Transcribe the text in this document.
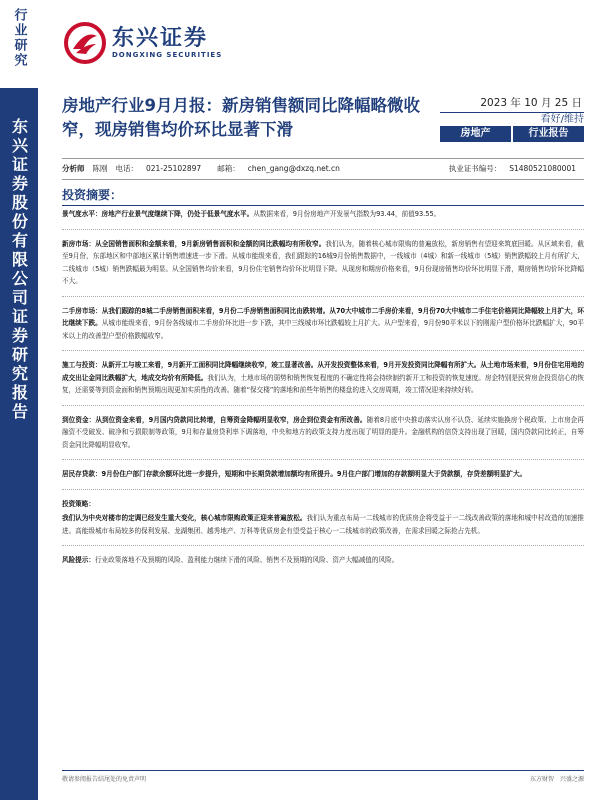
行业研究
东兴证券股份有限公司证券研究报告
东兴证券
DONGXING SECURITIES
房地产行业9月月报：新房销售额同比降幅略微收窄，现房销售均价环比显著下滑
2023 年 10 月 25 日
看好/维持
房地产	行业报告
分析师 陈刚 电话： 021-25102897	邮箱： chen_gang@dxzq.net.cn	执业证书编号： S1480521080001
投资摘要：

景气度水平：房地产行业景气度继续下降，仍处于低景气度水平。从数据来看，9月份房地产开发景气指数为93.44，前值93.55。

新房市场：从全国销售面积和金额来看，9月新房销售面积和金额的同比跌幅均有所收窄。我们认为，随着核心城市限购的普遍放松，新房销售有望迎来筑底回暖。从区域来看，截至9月份，东部地区和中部地区累计销售增速进一步下滑。从城市能级来看，我们跟踪的16城9月份销售数据中，一线城市（4城）和新一线城市（5城）销售跌幅较上月有所扩大，二线城市（5城）销售跌幅最为明显。从全国销售均价来看，9月份住宅销售均价环比明显下降。从现房和期房价格来看，9月份现房销售均价环比明显下滑，期房销售均价环比降幅不大。

二手房市场：从我们跟踪的8城二手房销售面积来看，9月份二手房销售面积同比由跌转增。从70大中城市二手房价来看，9月份70大中城市二手住宅价格同比降幅较上月扩大，环比继续下跌。从城市能级来看，9月份各线城市二手房价环比进一步下跌，其中三线城市环比跌幅较上月扩大。从户型来看，9月份90平米以下的刚需户型价格环比跌幅扩大，90平米以上的改善型户型价格跌幅收窄。

施工与投资：从新开工与竣工来看，9月新开工面积同比降幅继续收窄，竣工显著改善。从开发投资整体来看，9月开发投资同比降幅有所扩大。从土地市场来看，9月份住宅用地的成交出让金同比跌幅扩大，地成交均价有所降低。我们认为，土地市场的弱势和销售恢复程度的不确定性将会持续制约新开工和投资的恢复速度。房企特别是民营房企投资信心的恢复，还需要等到资金面和销售预期出现更加实质性的改善。随着“保交楼”的落地和前些年销售的楼盘的进入交房周期，竣工情况迎来持续好转。

到位资金：从到位资金来看，9月国内贷款同比转增，自筹资金降幅明显收窄，房企到位资金有所改善。随着8月底中央推动落实认房不认贷、延续实施换房个税政策、上市房企再融资不受破发、破净和亏损限制等政策，9月和存量房贷利率下调落地，中央和地方的政策支持力度出现了明显的提升。金融机构的信贷支持出现了回暖，国内贷款同比转正，自筹资金同比降幅明显收窄。

居民存贷款：9月份住户部门存款余额环比进一步提升，短期和中长期贷款增加额均有所提升。9月住户部门增加的存款额明显大于贷款额，存贷差额明显扩大。

投资策略：

我们认为中央对楼市的定调已经发生重大变化，核心城市限购政策正迎来普遍放松。我们认为重点布局一二线城市的优质房企将受益于一二线改善政策的落地和城中村改造的加速推进。高能级城市布局较多的保利发展、龙湖集团、越秀地产、万科等优质房企有望受益于核心一二线城市的政策改善，在需求回暖之际抢占先机。

风险提示：行业政策落地不及预期的风险、盈利能力继续下滑的风险、销售不及预期的风险、资产大幅减值的风险。

敬请参阅报告结尾处的免责声明	东方财智　兴盛之源
